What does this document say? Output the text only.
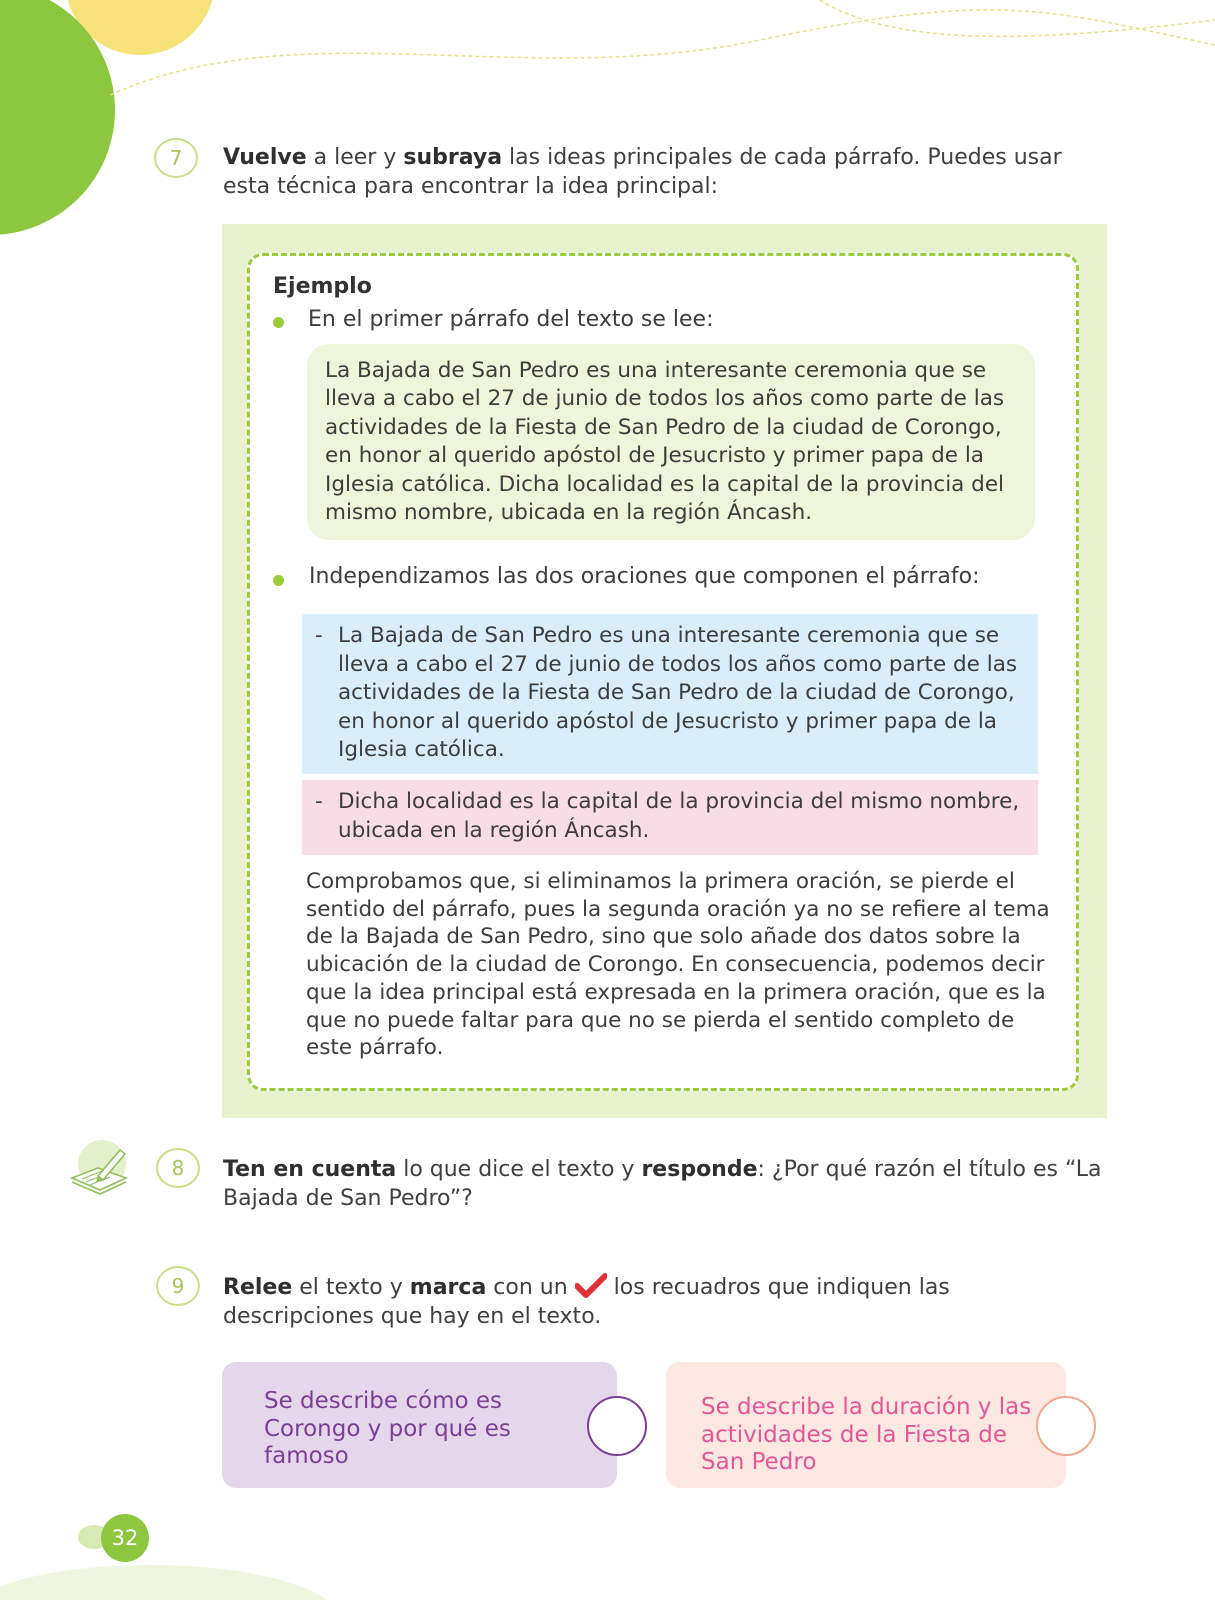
7	Vuelve a leer y subraya las ideas principales de cada párrafo. Puedes usar esta técnica para encontrar la idea principal:
Ejemplo
En el primer párrafo del texto se lee:
La Bajada de San Pedro es una interesante ceremonia que se lleva a cabo el 27 de junio de todos los años como parte de las actividades de la Fiesta de San Pedro de la ciudad de Corongo, en honor al querido apóstol de Jesucristo y primer papa de la Iglesia católica. Dicha localidad es la capital de la provincia del mismo nombre, ubicada en la región Áncash.
Independizamos las dos oraciones que componen el párrafo:
- La Bajada de San Pedro es una interesante ceremonia que se lleva a cabo el 27 de junio de todos los años como parte de las actividades de la Fiesta de San Pedro de la ciudad de Corongo, en honor al querido apóstol de Jesucristo y primer papa de la Iglesia católica.
- Dicha localidad es la capital de la provincia del mismo nombre, ubicada en la región Áncash.
Comprobamos que, si eliminamos la primera oración, se pierde el sentido del párrafo, pues la segunda oración ya no se refiere al tema de la Bajada de San Pedro, sino que solo añade dos datos sobre la ubicación de la ciudad de Corongo. En consecuencia, podemos decir que la idea principal está expresada en la primera oración, que es la que no puede faltar para que no se pierda el sentido completo de este párrafo.
8	Ten en cuenta lo que dice el texto y responde: ¿Por qué razón el título es “La Bajada de San Pedro”?
9	Relee el texto y marca con un  los recuadros que indiquen las descripciones que hay en el texto.
Se describe cómo es Corongo y por qué es famoso
Se describe la duración y las actividades de la Fiesta de San Pedro
32
